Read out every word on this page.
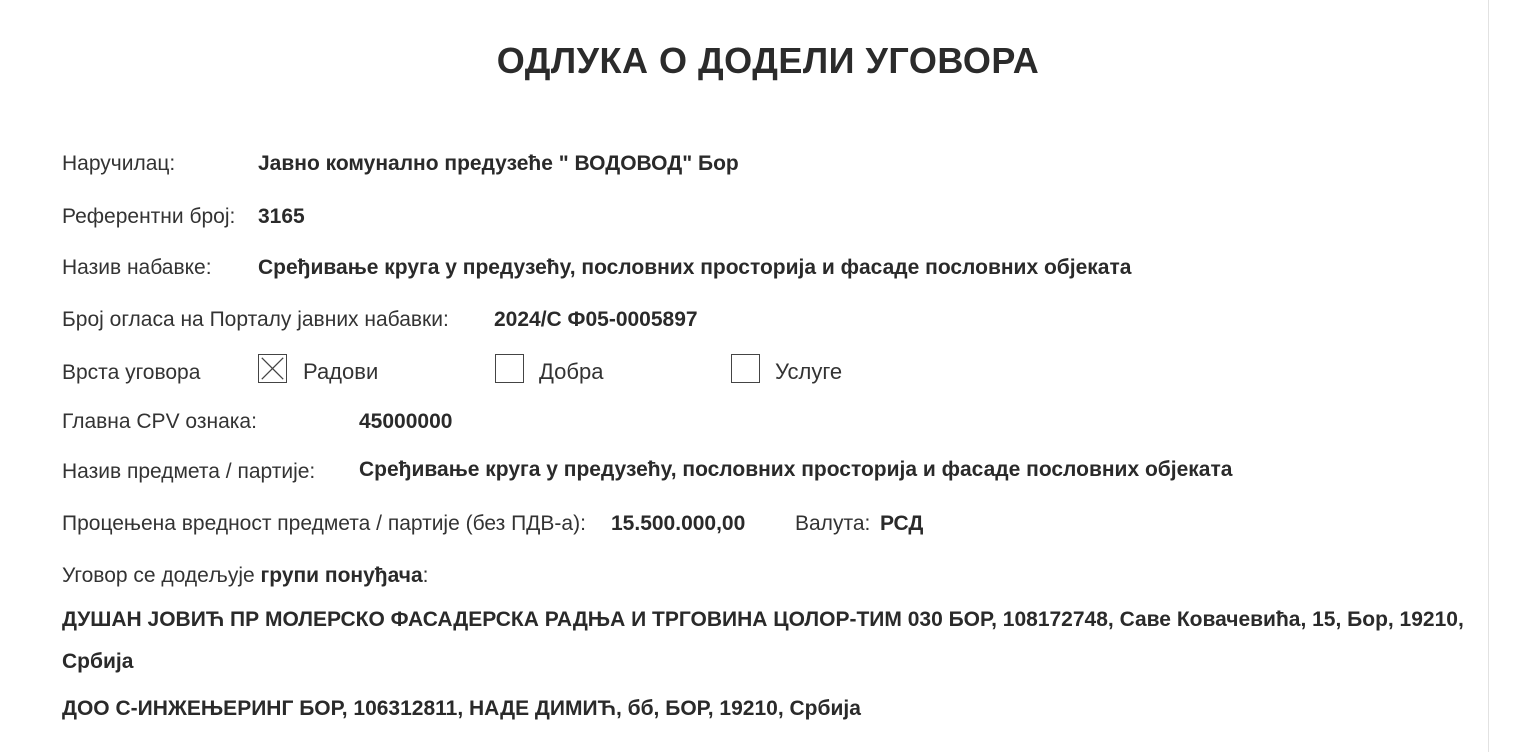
ОДЛУКА О ДОДЕЛИ УГОВОРА
Наручилац:	Јавно комунално предузеће " ВОДОВОД" Бор
Референтни број: 3165
Назив набавке: Сређивање круга у предузећу, пословних просторија и фасаде пословних објеката
Број огласа на Порталу јавних набавки: 2024/С Ф05-0005897
Врста уговора	Радови	Добра	Услуге
Главна CPV ознака:	45000000
Назив предмета / партије: Сређивање круга у предузећу, пословних просторија и фасаде пословних објеката
Процењена вредност предмета / партије (без ПДВ-а): 15.500.000,00 Валута: РСД
Уговор се додељује групи понуђача:
ДУШАН ЈОВИЋ ПР МОЛЕРСКО ФАСАДЕРСКА РАДЊА И ТРГОВИНА ЦОЛОР-ТИМ 030 БОР, 108172748, Саве Ковачевића, 15, Бор, 19210, Србија
ДОО С-ИНЖЕЊЕРИНГ БОР, 106312811, НАДЕ ДИМИЋ, бб, БОР, 19210, Србија
